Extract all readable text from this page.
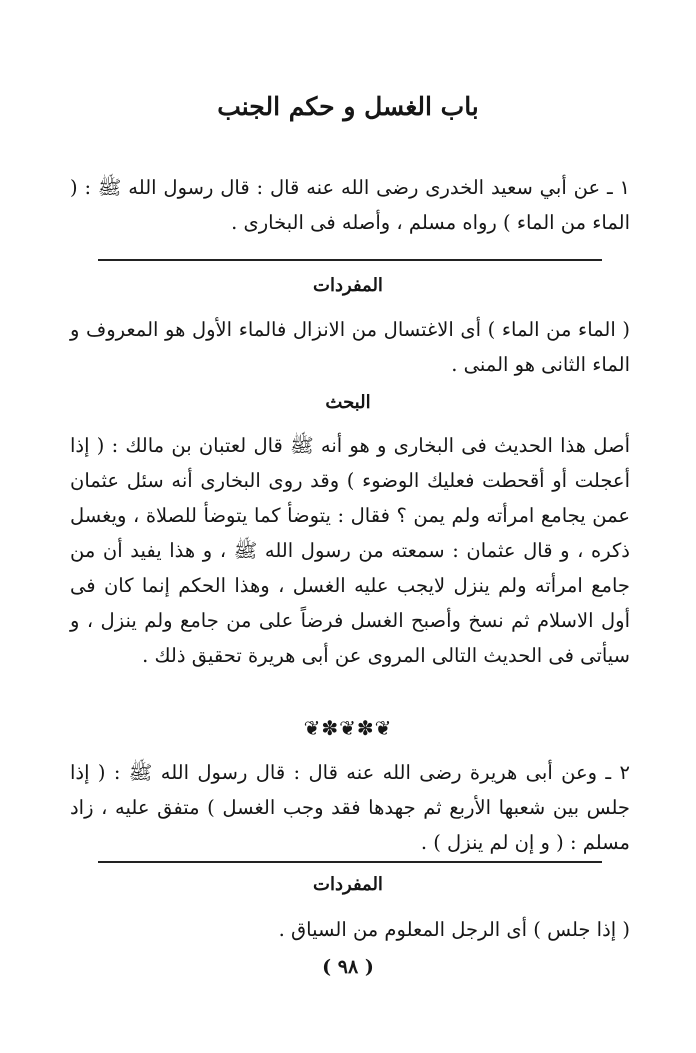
باب الغسل و حكم الجنب

١ ـ عن أبي سعيد الخدرى رضى الله عنه قال : قال رسول الله ﷺ : ( الماء من الماء ) رواه مسلم ، وأصله فى البخارى .

المفردات

( الماء من الماء ) أى الاغتسال من الانزال فالماء الأول هو المعروف و الماء الثانى هو المنى .

البحث

أصل هذا الحديث فى البخارى و هو أنه ﷺ قال لعتبان بن مالك : ( إذا أعجلت أو أقحطت فعليك الوضوء ) وقد روى البخارى أنه سئل عثمان عمن يجامع امرأته ولم يمن ؟ فقال : يتوضأ كما يتوضأ للصلاة ، ويغسل ذكره ، و قال عثمان : سمعته من رسول الله ﷺ ، و هذا يفيد أن من جامع امرأته ولم ينزل لايجب عليه الغسل ، وهذا الحكم إنما كان فى أول الاسلام ثم نسخ وأصبح الغسل فرضاً على من جامع ولم ينزل ، و سيأتى فى الحديث التالى المروى عن أبى هريرة تحقيق ذلك .

❦✽❦✽❦

٢ ـ وعن أبى هريرة رضى الله عنه قال : قال رسول الله ﷺ : ( إذا جلس بين شعبها الأربع ثم جهدها فقد وجب الغسل ) متفق عليه ، زاد مسلم : ( و إن لم ينزل ) .

المفردات

( إذا جلس ) أى الرجل المعلوم من السياق .

( ٩٨ )
